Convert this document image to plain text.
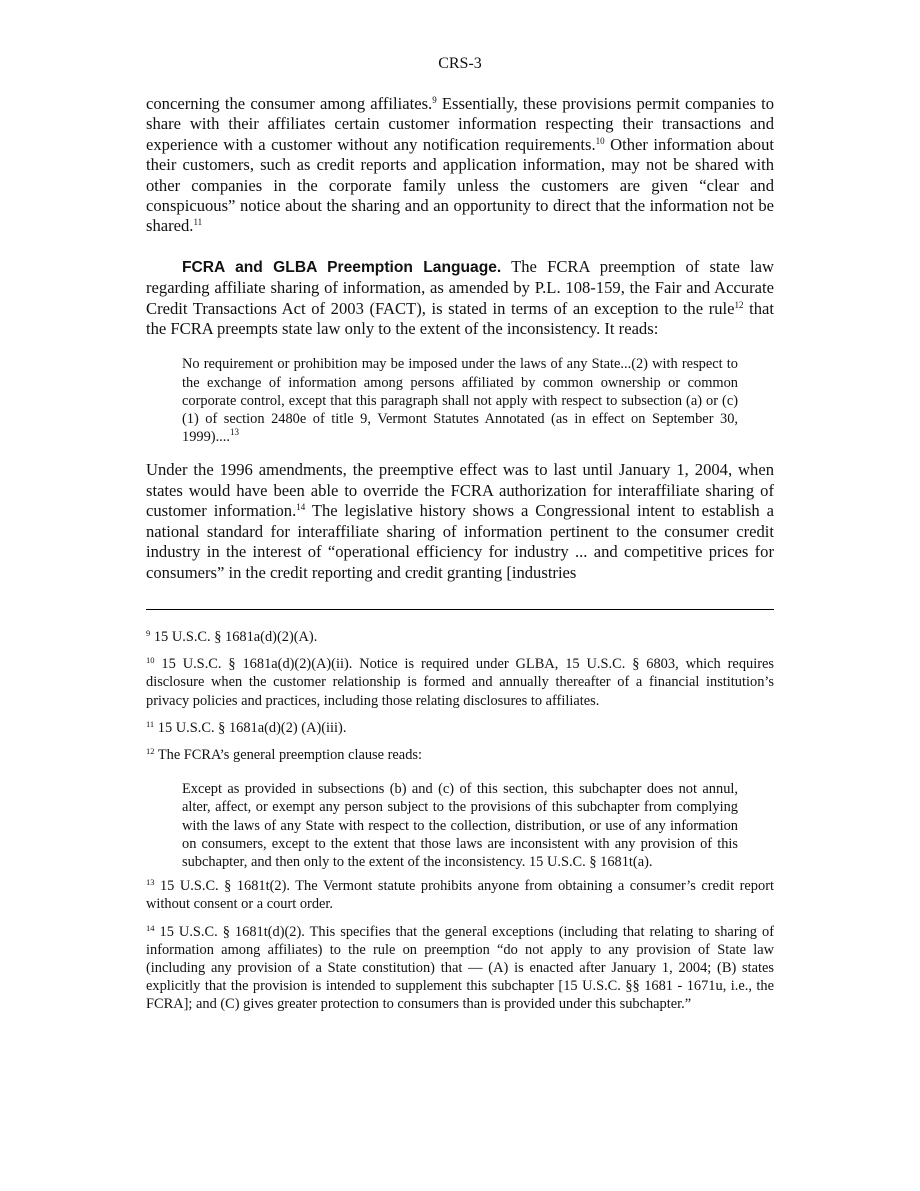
CRS-3

concerning the consumer among affiliates.$^9$ Essentially, these provisions permit companies to share with their affiliates certain customer information respecting their transactions and experience with a customer without any notification requirements.$^{10}$ Other information about their customers, such as credit reports and application information, may not be shared with other companies in the corporate family unless the customers are given “clear and conspicuous” notice about the sharing and an opportunity to direct that the information not be shared.$^{11}$

FCRA and GLBA Preemption Language. The FCRA preemption of state law regarding affiliate sharing of information, as amended by P.L. 108-159, the Fair and Accurate Credit Transactions Act of 2003 (FACT), is stated in terms of an exception to the rule$^{12}$ that the FCRA preempts state law only to the extent of the inconsistency. It reads:

No requirement or prohibition may be imposed under the laws of any State...(2) with respect to the exchange of information among persons affiliated by common ownership or common corporate control, except that this paragraph shall not apply with respect to subsection (a) or (c)(1) of section 2480e of title 9, Vermont Statutes Annotated (as in effect on September 30, 1999)....$^{13}$

Under the 1996 amendments, the preemptive effect was to last until January 1, 2004, when states would have been able to override the FCRA authorization for interaffiliate sharing of customer information.$^{14}$ The legislative history shows a Congressional intent to establish a national standard for interaffiliate sharing of information pertinent to the consumer credit industry in the interest of “operational efficiency for industry ... and competitive prices for consumers” in the credit reporting and credit granting [industries

$^9$ 15 U.S.C. § 1681a(d)(2)(A).

$^{10}$ 15 U.S.C. § 1681a(d)(2)(A)(ii). Notice is required under GLBA, 15 U.S.C. § 6803, which requires disclosure when the customer relationship is formed and annually thereafter of a financial institution’s privacy policies and practices, including those relating disclosures to affiliates.

$^{11}$ 15 U.S.C. § 1681a(d)(2) (A)(iii).

$^{12}$ The FCRA’s general preemption clause reads:

Except as provided in subsections (b) and (c) of this section, this subchapter does not annul, alter, affect, or exempt any person subject to the provisions of this subchapter from complying with the laws of any State with respect to the collection, distribution, or use of any information on consumers, except to the extent that those laws are inconsistent with any provision of this subchapter, and then only to the extent of the inconsistency. 15 U.S.C. § 1681t(a).

$^{13}$ 15 U.S.C. § 1681t(2). The Vermont statute prohibits anyone from obtaining a consumer’s credit report without consent or a court order.

$^{14}$ 15 U.S.C. § 1681t(d)(2). This specifies that the general exceptions (including that relating to sharing of information among affiliates) to the rule on preemption “do not apply to any provision of State law (including any provision of a State constitution) that — (A) is enacted after January 1, 2004; (B) states explicitly that the provision is intended to supplement this subchapter [15 U.S.C. §§ 1681 - 1671u, i.e., the FCRA]; and (C) gives greater protection to consumers than is provided under this subchapter.”
